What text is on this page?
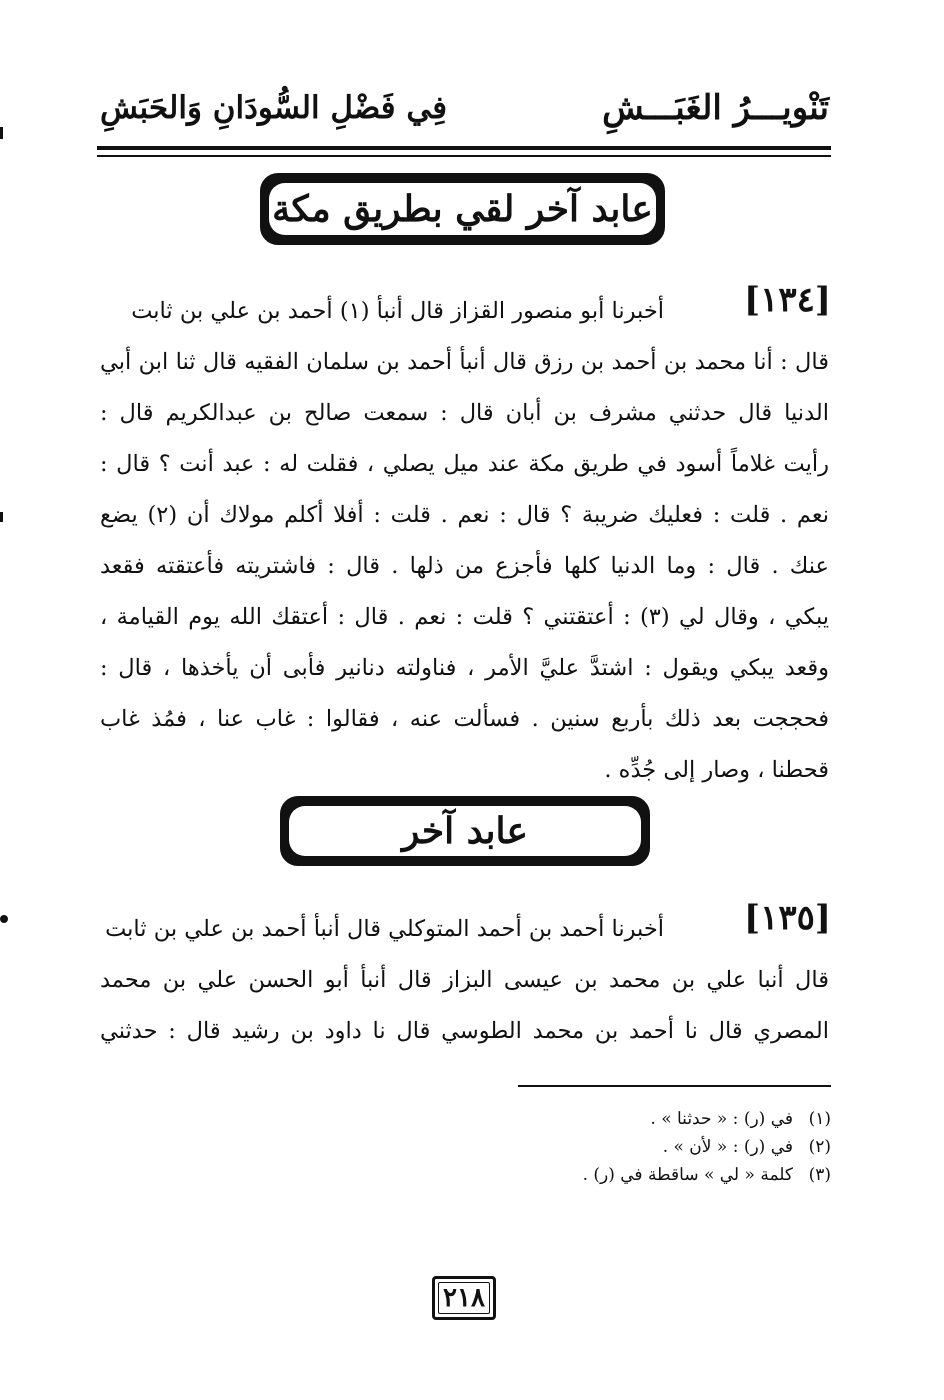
تَنْويـــرُ الغَبَـــشِ
فِي فَضْلِ السُّودَانِ وَالحَبَشِ
عابد آخر لقي بطريق مكة
[١٣٤]
أخبرنا أبو منصور القزاز قال أنبأ (١) أحمد بن علي بن ثابت
قال : أنا محمد بن أحمد بن رزق قال أنبأ أحمد بن سلمان الفقيه قال ثنا ابن أبي
الدنيا قال حدثني مشرف بن أبان قال : سمعت صالح بن عبدالكريم قال :
رأيت غلاماً أسود في طريق مكة عند ميل يصلي ، فقلت له : عبد أنت ؟ قال :
نعم . قلت : فعليك ضريبة ؟ قال : نعم . قلت : أفلا أكلم مولاك أن (٢) يضع
عنك . قال : وما الدنيا كلها فأجزع من ذلها . قال : فاشتريته فأعتقته فقعد
يبكي ، وقال لي (٣) : أعتقتني ؟ قلت : نعم . قال : أعتقك الله يوم القيامة ،
وقعد يبكي ويقول : اشتدَّ عليَّ الأمر ، فناولته دنانير فأبى أن يأخذها ، قال :
فحججت بعد ذلك بأربع سنين . فسألت عنه ، فقالوا : غاب عنا ، فمُذ غاب
قحطنا ، وصار إلى جُدِّه .
عابد آخر
[١٣٥]
أخبرنا أحمد بن أحمد المتوكلي قال أنبأ أحمد بن علي بن ثابت
قال أنبا علي بن محمد بن عيسى البزاز قال أنبأ أبو الحسن علي بن محمد
المصري قال نا أحمد بن محمد الطوسي قال نا داود بن رشيد قال : حدثني
(١)
في (ر) : « حدثنا » .
(٢)
في (ر) : « لأن » .
(٣)
كلمة « لي » ساقطة في (ر) .
٢١٨
